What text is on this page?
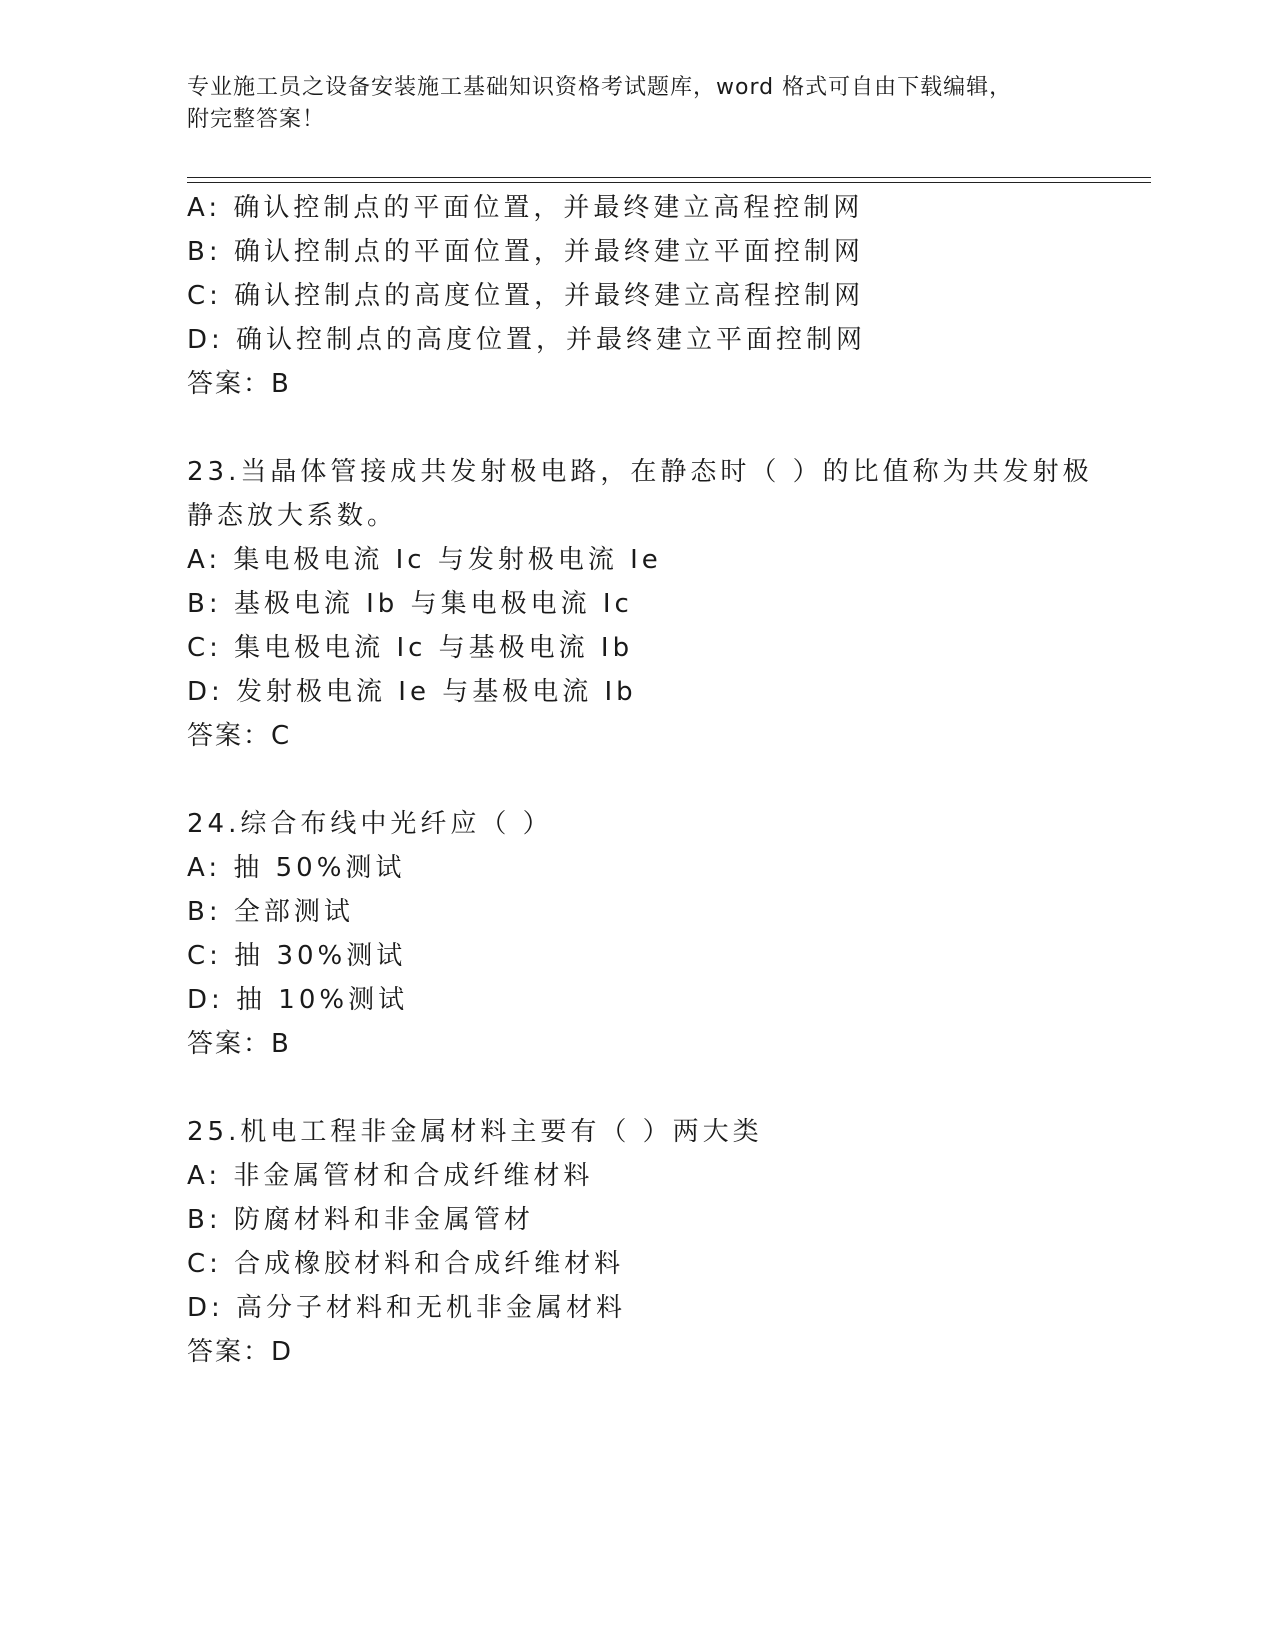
专业施工员之设备安装施工基础知识资格考试题库，word 格式可自由下载编辑，
附完整答案！
A: 确认控制点的平面位置，并最终建立高程控制网
B: 确认控制点的平面位置，并最终建立平面控制网
C: 确认控制点的高度位置，并最终建立高程控制网
D: 确认控制点的高度位置，并最终建立平面控制网
答案：B
23.当晶体管接成共发射极电路，在静态时（ ）的比值称为共发射极
静态放大系数。
A: 集电极电流 Ic 与发射极电流 Ie
B: 基极电流 Ib 与集电极电流 Ic
C: 集电极电流 Ic 与基极电流 Ib
D: 发射极电流 Ie 与基极电流 Ib
答案：C
24.综合布线中光纤应（ ）
A: 抽 50%测试
B: 全部测试
C: 抽 30%测试
D: 抽 10%测试
答案：B
25.机电工程非金属材料主要有（ ）两大类
A: 非金属管材和合成纤维材料
B: 防腐材料和非金属管材
C: 合成橡胶材料和合成纤维材料
D: 高分子材料和无机非金属材料
答案：D
